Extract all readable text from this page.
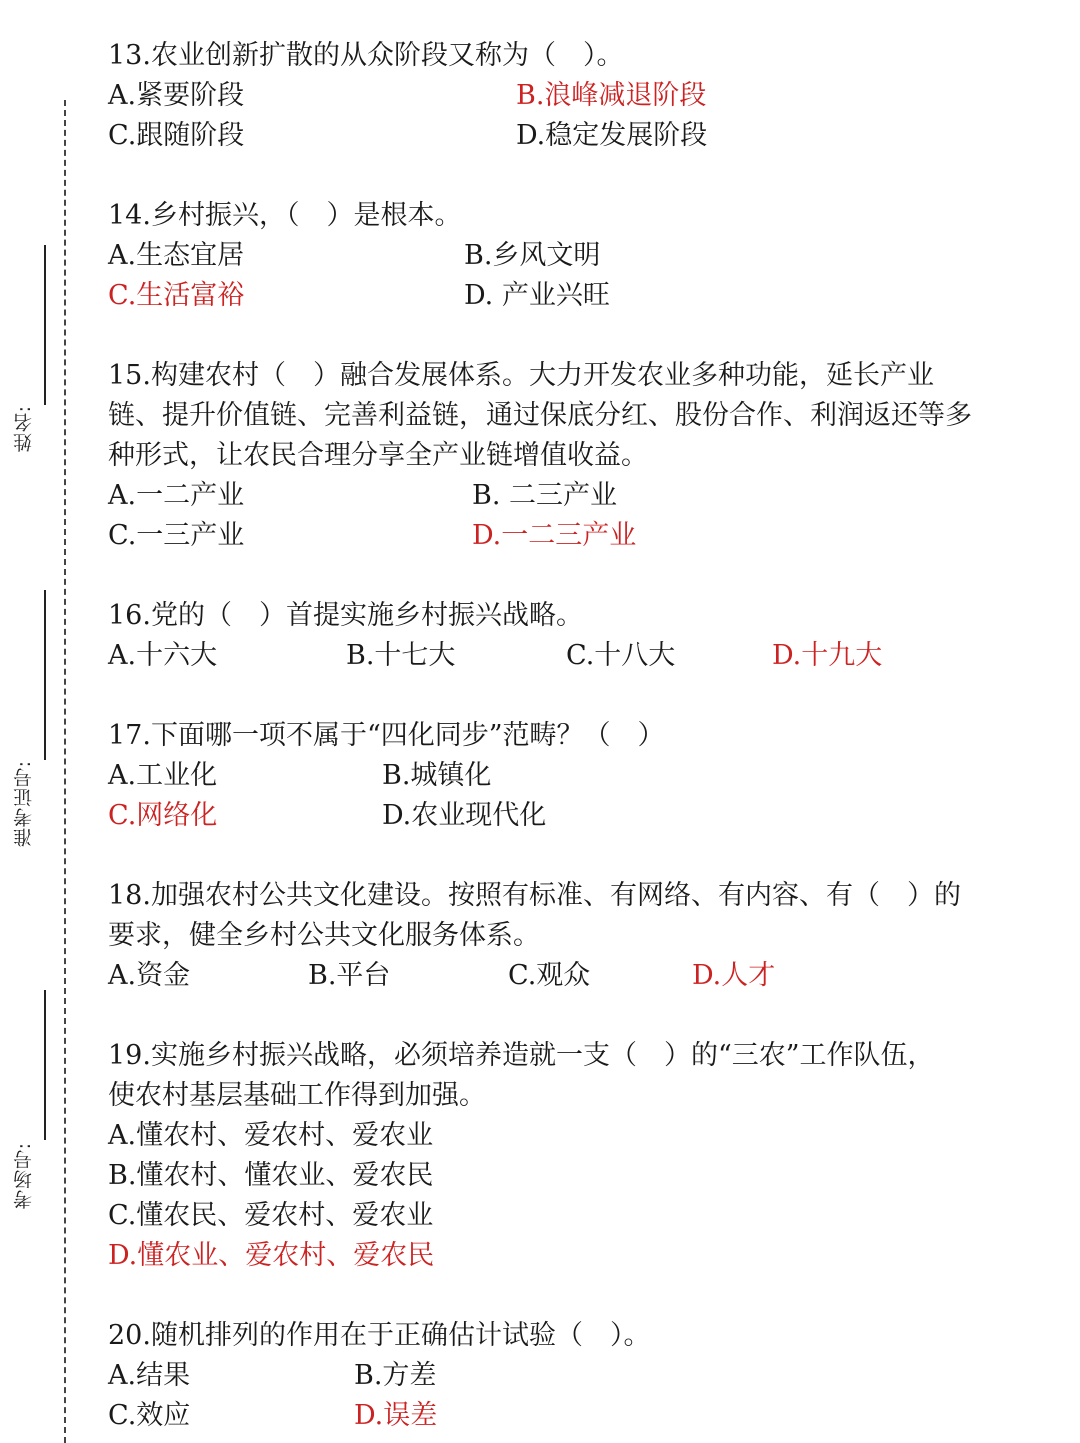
姓名:
准考证号:
考场号:
13.农业创新扩散的从众阶段又称为（　）。
A.紧要阶段	B.浪峰减退阶段
C.跟随阶段	D.稳定发展阶段
14.乡村振兴，（　）是根本。
A.生态宜居	B.乡风文明
C.生活富裕	D. 产业兴旺
15.构建农村（　）融合发展体系。大力开发农业多种功能，延长产业
链、提升价值链、完善利益链，通过保底分红、股份合作、利润返还等多
种形式，让农民合理分享全产业链增值收益。
A.一二产业	B. 二三产业
C.一三产业	D.一二三产业
16.党的（　）首提实施乡村振兴战略。
A.十六大	B.十七大	C.十八大	D.十九大
17.下面哪一项不属于“四化同步”范畴？（　）
A.工业化	B.城镇化
C.网络化	D.农业现代化
18.加强农村公共文化建设。按照有标准、有网络、有内容、有（　）的
要求，健全乡村公共文化服务体系。
A.资金	B.平台	C.观众	D.人才
19.实施乡村振兴战略，必须培养造就一支（　）的“三农”工作队伍，
使农村基层基础工作得到加强。
A.懂农村、爱农村、爱农业
B.懂农村、懂农业、爱农民
C.懂农民、爱农村、爱农业
D.懂农业、爱农村、爱农民
20.随机排列的作用在于正确估计试验（　）。
A.结果	B.方差
C.效应	D.误差
